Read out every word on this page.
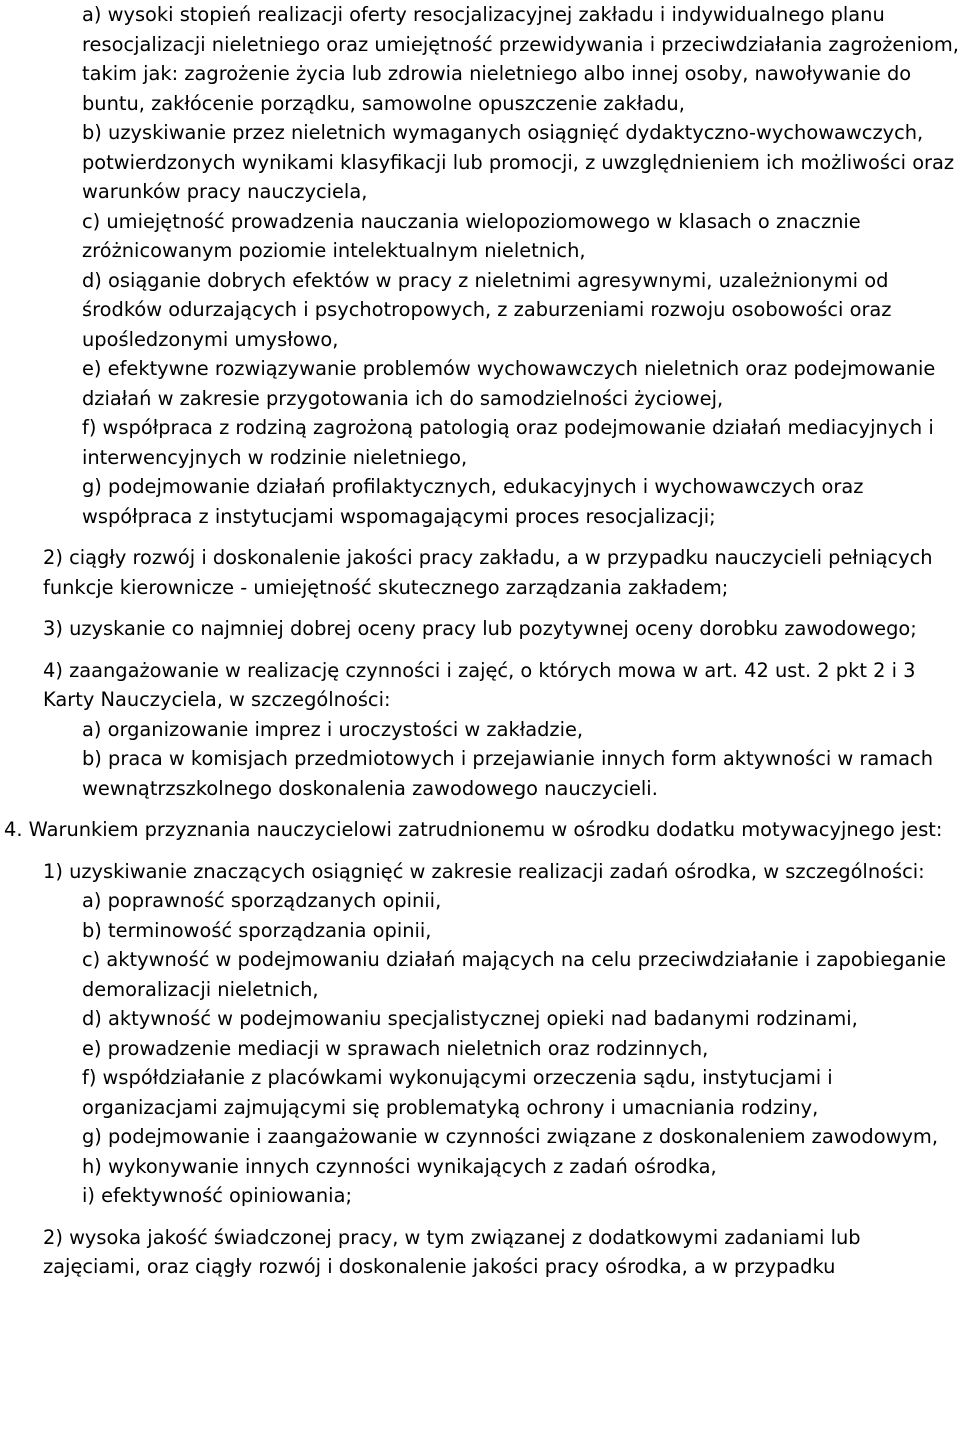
a) wysoki stopień realizacji oferty resocjalizacyjnej zakładu i indywidualnego planu resocjalizacji nieletniego oraz umiejętność przewidywania i przeciwdziałania zagrożeniom, takim jak: zagrożenie życia lub zdrowia nieletniego albo innej osoby, nawoływanie do buntu, zakłócenie porządku, samowolne opuszczenie zakładu,

b) uzyskiwanie przez nieletnich wymaganych osiągnięć dydaktyczno-wychowawczych, potwierdzonych wynikami klasyfikacji lub promocji, z uwzględnieniem ich możliwości oraz warunków pracy nauczyciela,

c) umiejętność prowadzenia nauczania wielopoziomowego w klasach o znacznie zróżnicowanym poziomie intelektualnym nieletnich,

d) osiąganie dobrych efektów w pracy z nieletnimi agresywnymi, uzależnionymi od środków odurzających i psychotropowych, z zaburzeniami rozwoju osobowości oraz upośledzonymi umysłowo,

e) efektywne rozwiązywanie problemów wychowawczych nieletnich oraz podejmowanie działań w zakresie przygotowania ich do samodzielności życiowej,

f) współpraca z rodziną zagrożoną patologią oraz podejmowanie działań mediacyjnych i interwencyjnych w rodzinie nieletniego,

g) podejmowanie działań profilaktycznych, edukacyjnych i wychowawczych oraz współpraca z instytucjami wspomagającymi proces resocjalizacji;

2) ciągły rozwój i doskonalenie jakości pracy zakładu, a w przypadku nauczycieli pełniących funkcje kierownicze - umiejętność skutecznego zarządzania zakładem;

3) uzyskanie co najmniej dobrej oceny pracy lub pozytywnej oceny dorobku zawodowego;

4) zaangażowanie w realizację czynności i zajęć, o których mowa w art. 42 ust. 2 pkt 2 i 3 Karty Nauczyciela, w szczególności:

a) organizowanie imprez i uroczystości w zakładzie,

b) praca w komisjach przedmiotowych i przejawianie innych form aktywności w ramach wewnątrzszkolnego doskonalenia zawodowego nauczycieli.

4. Warunkiem przyznania nauczycielowi zatrudnionemu w ośrodku dodatku motywacyjnego jest:

1) uzyskiwanie znaczących osiągnięć w zakresie realizacji zadań ośrodka, w szczególności:

a) poprawność sporządzanych opinii,

b) terminowość sporządzania opinii,

c) aktywność w podejmowaniu działań mających na celu przeciwdziałanie i zapobieganie demoralizacji nieletnich,

d) aktywność w podejmowaniu specjalistycznej opieki nad badanymi rodzinami,

e) prowadzenie mediacji w sprawach nieletnich oraz rodzinnych,

f) współdziałanie z placówkami wykonującymi orzeczenia sądu, instytucjami i organizacjami zajmującymi się problematyką ochrony i umacniania rodziny,

g) podejmowanie i zaangażowanie w czynności związane z doskonaleniem zawodowym,

h) wykonywanie innych czynności wynikających z zadań ośrodka,

i) efektywność opiniowania;

2) wysoka jakość świadczonej pracy, w tym związanej z dodatkowymi zadaniami lub zajęciami, oraz ciągły rozwój i doskonalenie jakości pracy ośrodka, a w przypadku
